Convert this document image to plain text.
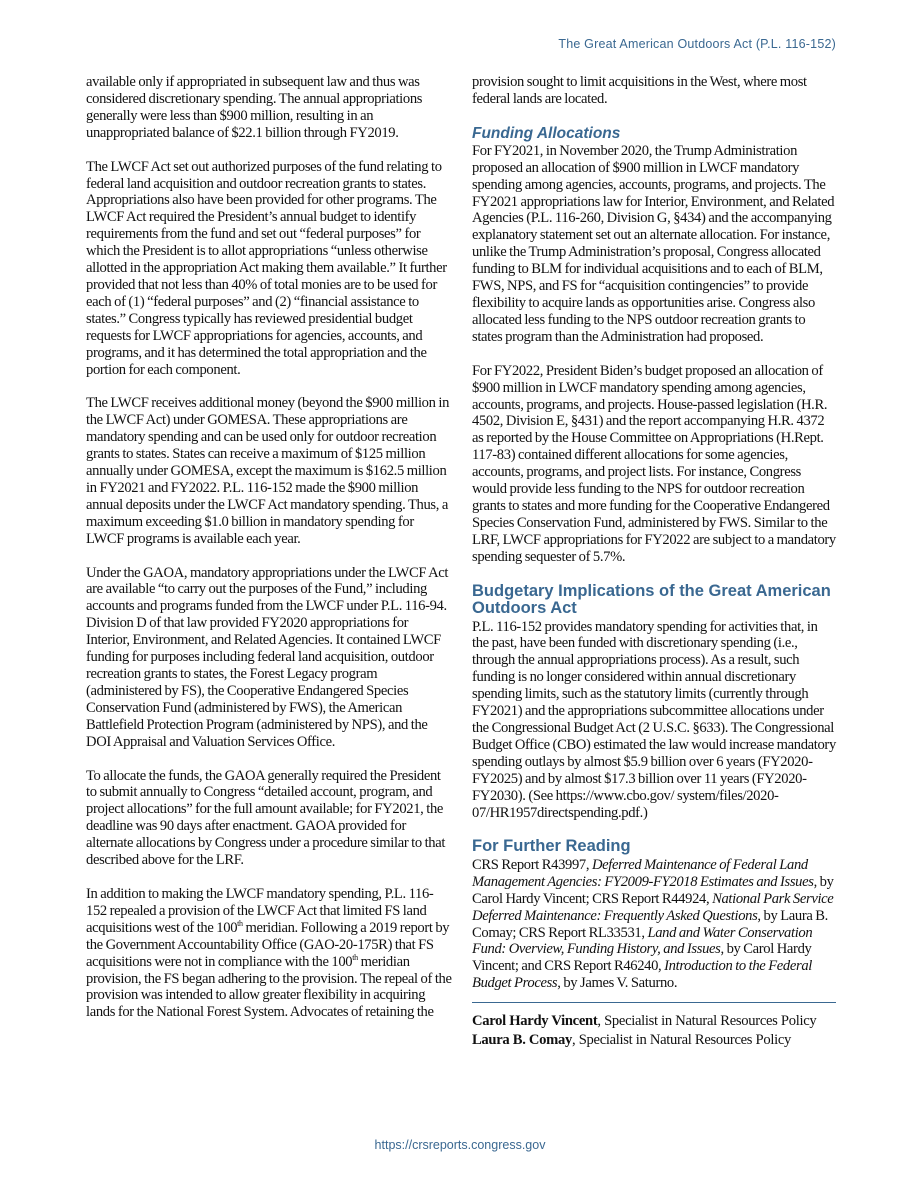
The Great American Outdoors Act (P.L. 116-152)

available only if appropriated in subsequent law and thus was considered discretionary spending. The annual appropriations generally were less than $900 million, resulting in an unappropriated balance of $22.1 billion through FY2019.

The LWCF Act set out authorized purposes of the fund relating to federal land acquisition and outdoor recreation grants to states. Appropriations also have been provided for other programs. The LWCF Act required the President’s annual budget to identify requirements from the fund and set out “federal purposes” for which the President is to allot appropriations “unless otherwise allotted in the appropriation Act making them available.” It further provided that not less than 40% of total monies are to be used for each of (1) “federal purposes” and (2) “financial assistance to states.” Congress typically has reviewed presidential budget requests for LWCF appropriations for agencies, accounts, and programs, and it has determined the total appropriation and the portion for each component.

The LWCF receives additional money (beyond the $900 million in the LWCF Act) under GOMESA. These appropriations are mandatory spending and can be used only for outdoor recreation grants to states. States can receive a maximum of $125 million annually under GOMESA, except the maximum is $162.5 million in FY2021 and FY2022. P.L. 116-152 made the $900 million annual deposits under the LWCF Act mandatory spending. Thus, a maximum exceeding $1.0 billion in mandatory spending for LWCF programs is available each year.

Under the GAOA, mandatory appropriations under the LWCF Act are available “to carry out the purposes of the Fund,” including accounts and programs funded from the LWCF under P.L. 116-94. Division D of that law provided FY2020 appropriations for Interior, Environment, and Related Agencies. It contained LWCF funding for purposes including federal land acquisition, outdoor recreation grants to states, the Forest Legacy program (administered by FS), the Cooperative Endangered Species Conservation Fund (administered by FWS), the American Battlefield Protection Program (administered by NPS), and the DOI Appraisal and Valuation Services Office.

To allocate the funds, the GAOA generally required the President to submit annually to Congress “detailed account, program, and project allocations” for the full amount available; for FY2021, the deadline was 90 days after enactment. GAOA provided for alternate allocations by Congress under a procedure similar to that described above for the LRF.

In addition to making the LWCF mandatory spending, P.L. 116-152 repealed a provision of the LWCF Act that limited FS land acquisitions west of the 100th meridian. Following a 2019 report by the Government Accountability Office (GAO-20-175R) that FS acquisitions were not in compliance with the 100th meridian provision, the FS began adhering to the provision. The repeal of the provision was intended to allow greater flexibility in acquiring lands for the National Forest System. Advocates of retaining the

provision sought to limit acquisitions in the West, where most federal lands are located.

Funding Allocations

For FY2021, in November 2020, the Trump Administration proposed an allocation of $900 million in LWCF mandatory spending among agencies, accounts, programs, and projects. The FY2021 appropriations law for Interior, Environment, and Related Agencies (P.L. 116-260, Division G, §434) and the accompanying explanatory statement set out an alternate allocation. For instance, unlike the Trump Administration’s proposal, Congress allocated funding to BLM for individual acquisitions and to each of BLM, FWS, NPS, and FS for “acquisition contingencies” to provide flexibility to acquire lands as opportunities arise. Congress also allocated less funding to the NPS outdoor recreation grants to states program than the Administration had proposed.

For FY2022, President Biden’s budget proposed an allocation of $900 million in LWCF mandatory spending among agencies, accounts, programs, and projects. House-passed legislation (H.R. 4502, Division E, §431) and the report accompanying H.R. 4372 as reported by the House Committee on Appropriations (H.Rept. 117-83) contained different allocations for some agencies, accounts, programs, and project lists. For instance, Congress would provide less funding to the NPS for outdoor recreation grants to states and more funding for the Cooperative Endangered Species Conservation Fund, administered by FWS. Similar to the LRF, LWCF appropriations for FY2022 are subject to a mandatory spending sequester of 5.7%.

Budgetary Implications of the Great American Outdoors Act

P.L. 116-152 provides mandatory spending for activities that, in the past, have been funded with discretionary spending (i.e., through the annual appropriations process). As a result, such funding is no longer considered within annual discretionary spending limits, such as the statutory limits (currently through FY2021) and the appropriations subcommittee allocations under the Congressional Budget Act (2 U.S.C. §633). The Congressional Budget Office (CBO) estimated the law would increase mandatory spending outlays by almost $5.9 billion over 6 years (FY2020-FY2025) and by almost $17.3 billion over 11 years (FY2020-FY2030). (See https://www.cbo.gov/ system/files/2020-07/HR1957directspending.pdf.)

For Further Reading

CRS Report R43997, Deferred Maintenance of Federal Land Management Agencies: FY2009-FY2018 Estimates and Issues, by Carol Hardy Vincent; CRS Report R44924, National Park Service Deferred Maintenance: Frequently Asked Questions, by Laura B. Comay; CRS Report RL33531, Land and Water Conservation Fund: Overview, Funding History, and Issues, by Carol Hardy Vincent; and CRS Report R46240, Introduction to the Federal Budget Process, by James V. Saturno.

Carol Hardy Vincent, Specialist in Natural Resources Policy

Laura B. Comay, Specialist in Natural Resources Policy

https://crsreports.congress.gov
